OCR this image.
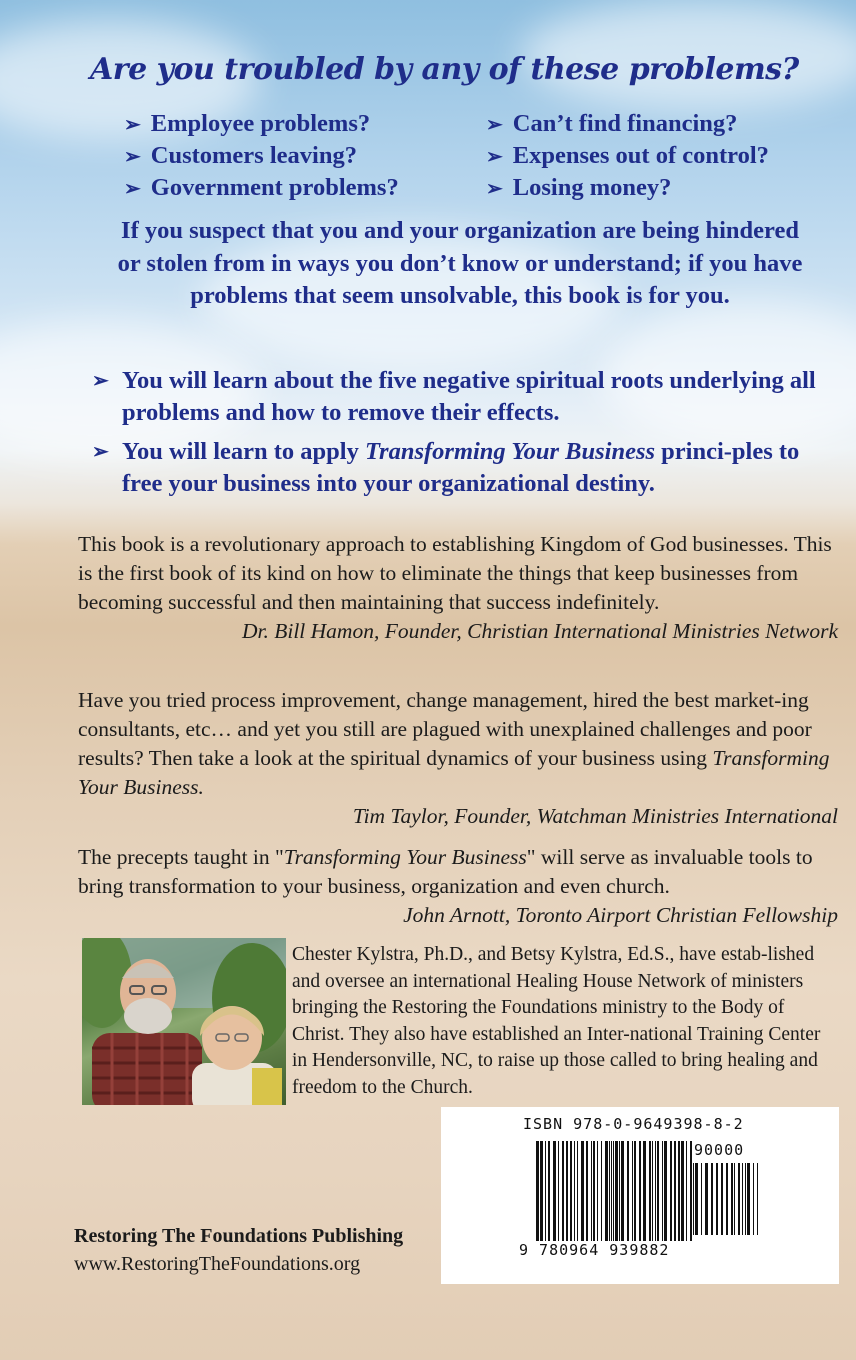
Are you troubled by any of these problems?
➢ Employee problems?	➢ Can’t find financing?
➢ Customers leaving?	➢ Expenses out of control?
➢ Government problems?	➢ Losing money?

If you suspect that you and your organization are being hindered or stolen from in ways you don’t know or understand; if you have problems that seem unsolvable, this book is for you.

➢ You will learn about the five negative spiritual roots underlying all problems and how to remove their effects.

➢ You will learn to apply Transforming Your Business princi-ples to free your business into your organizational destiny.

This book is a revolutionary approach to establishing Kingdom of God businesses. This is the first book of its kind on how to eliminate the things that keep businesses from becoming successful and then maintaining that success indefinitely.
Dr. Bill Hamon, Founder, Christian International Ministries Network

Have you tried process improvement, change management, hired the best market-ing consultants, etc… and yet you still are plagued with unexplained challenges and poor results? Then take a look at the spiritual dynamics of your business using Transforming Your Business.
Tim Taylor, Founder, Watchman Ministries International

The precepts taught in "Transforming Your Business" will serve as invaluable tools to bring transformation to your business, organization and even church.
John Arnott, Toronto Airport Christian Fellowship

Chester Kylstra, Ph.D., and Betsy Kylstra, Ed.S., have estab-lished and oversee an international Healing House Network of ministers bringing the Restoring the Foundations ministry to the Body of Christ. They also have established an Inter-national Training Center in Hendersonville, NC, to raise up those called to bring healing and freedom to the Church.

Restoring The Foundations Publishing
www.RestoringTheFoundations.org

ISBN 978-0-9649398-8-2
90000
9 780964 939882
